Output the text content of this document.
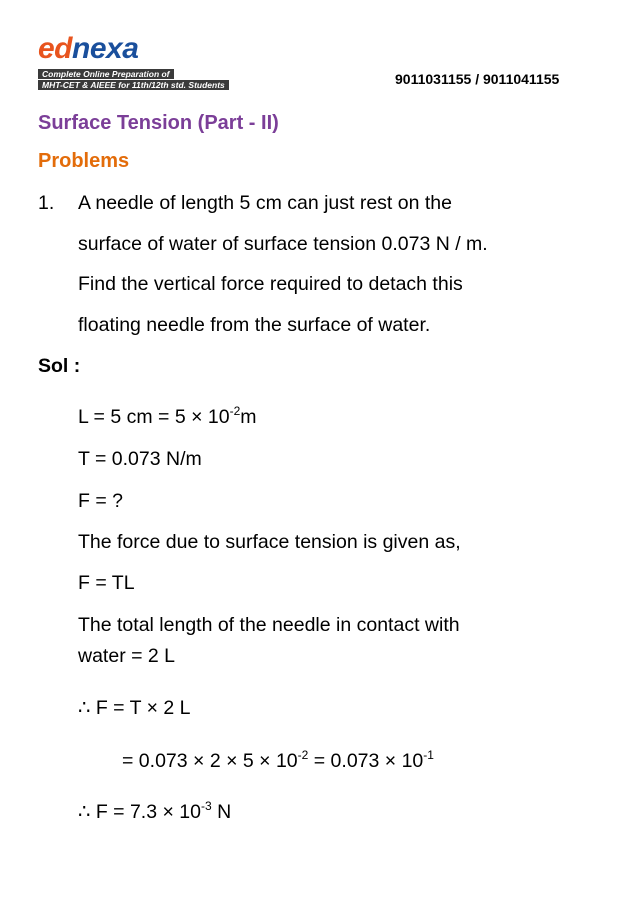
ednexa
Complete Online Preparation of
MHT-CET & AIEEE for 11th/12th std. Students	9011031155 / 9011041155
Surface Tension (Part - II)
Problems
1. A needle of length 5 cm can just rest on the
surface of water of surface tension 0.073 N / m.
Find the vertical force required to detach this
floating needle from the surface of water.
Sol :
L = 5 cm = $5 \times 10^{-2}m$
T = 0.073 N/m
F = ?
The force due to surface tension is given as,
F = TL
The total length of the needle in contact with
water = 2 L
∴ F = T × 2 L
= $0.073 \times 2 \times 5 \times 10^{-2} = 0.073 \times 10^{-1}$
∴ $F = 7.3 \times 10^{-3}$ N
